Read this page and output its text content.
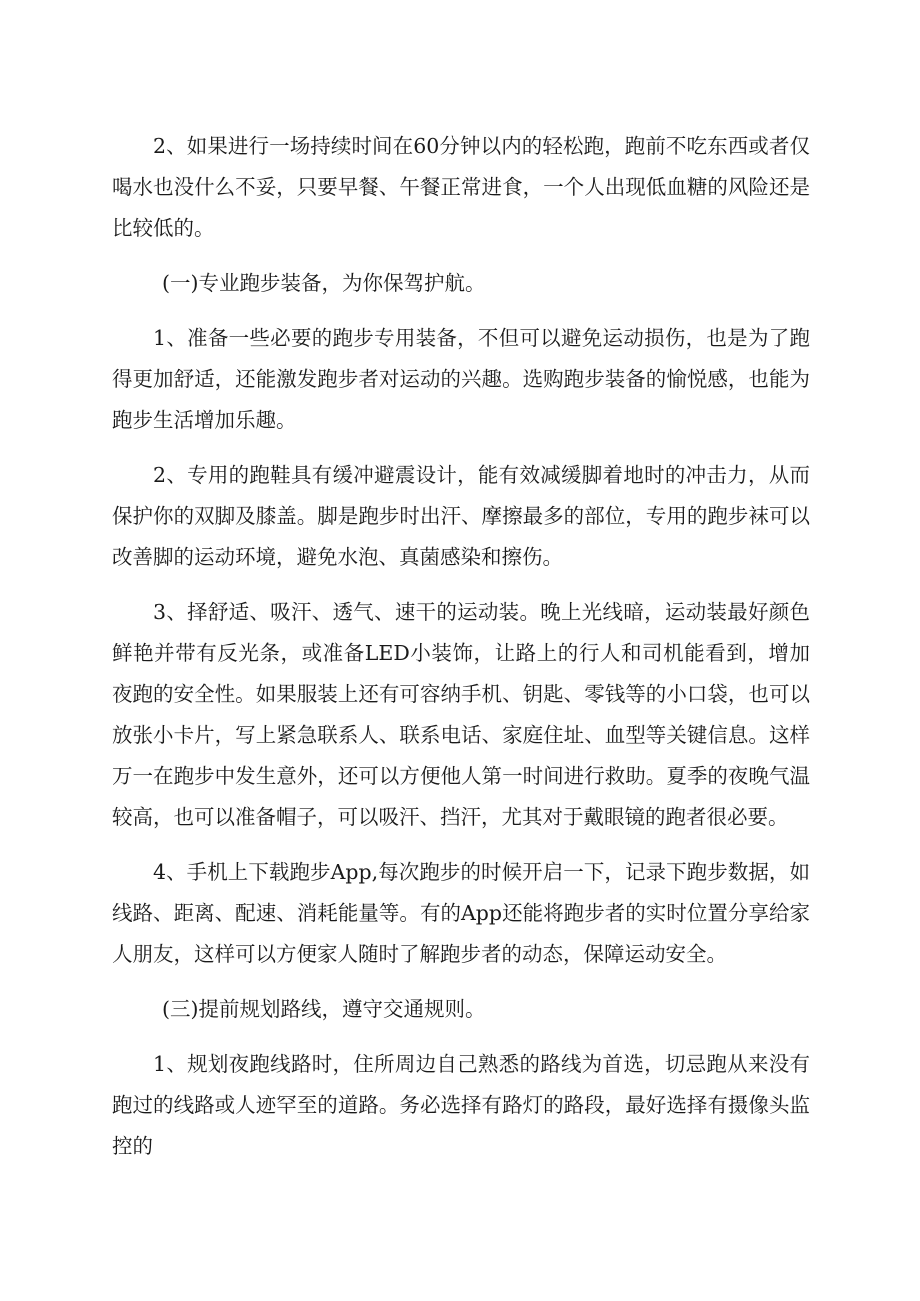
2、如果进行一场持续时间在60分钟以内的轻松跑，跑前不吃东西或者仅喝水也没什么不妥，只要早餐、午餐正常进食，一个人出现低血糖的风险还是比较低的。

(一)专业跑步装备，为你保驾护航。

1、准备一些必要的跑步专用装备，不但可以避免运动损伤，也是为了跑得更加舒适，还能激发跑步者对运动的兴趣。选购跑步装备的愉悦感，也能为跑步生活增加乐趣。

2、专用的跑鞋具有缓冲避震设计，能有效减缓脚着地时的冲击力，从而保护你的双脚及膝盖。脚是跑步时出汗、摩擦最多的部位，专用的跑步袜可以改善脚的运动环境，避免水泡、真菌感染和擦伤。

3、择舒适、吸汗、透气、速干的运动装。晚上光线暗，运动装最好颜色鲜艳并带有反光条，或准备LED小装饰，让路上的行人和司机能看到，增加夜跑的安全性。如果服装上还有可容纳手机、钥匙、零钱等的小口袋，也可以放张小卡片，写上紧急联系人、联系电话、家庭住址、血型等关键信息。这样万一在跑步中发生意外，还可以方便他人第一时间进行救助。夏季的夜晚气温较高，也可以准备帽子，可以吸汗、挡汗，尤其对于戴眼镜的跑者很必要。

4、手机上下载跑步App,每次跑步的时候开启一下，记录下跑步数据，如线路、距离、配速、消耗能量等。有的App还能将跑步者的实时位置分享给家人朋友，这样可以方便家人随时了解跑步者的动态，保障运动安全。

(三)提前规划路线，遵守交通规则。

1、规划夜跑线路时，住所周边自己熟悉的路线为首选，切忌跑从来没有跑过的线路或人迹罕至的道路。务必选择有路灯的路段，最好选择有摄像头监控的
